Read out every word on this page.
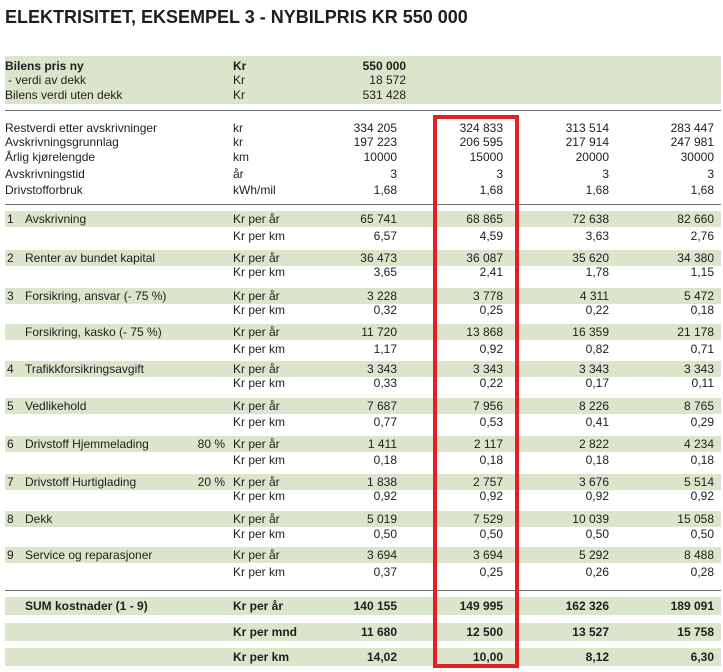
ELEKTRISITET, EKSEMPEL 3 - NYBILPRIS KR 550 000
Bilens pris ny	Kr	550 000
- verdi av dekk	Kr	18 572
Bilens verdi uten dekk	Kr	531 428
Restverdi etter avskrivninger	kr	334 205	324 833	313 514	283 447
Avskrivningsgrunnlag	kr	197 223	206 595	217 914	247 981
Årlig kjørelengde	km	10000	15000	20000	30000
Avskrivningstid	år	3	3	3	3
Drivstofforbruk	kWh/mil	1,68	1,68	1,68	1,68
1 Avskrivning	Kr per år	65 741	68 865	72 638	82 660
Kr per km	6,57	4,59	3,63	2,76
2 Renter av bundet kapital	Kr per år	36 473	36 087	35 620	34 380
Kr per km	3,65	2,41	1,78	1,15
3 Forsikring, ansvar (- 75 %)	Kr per år	3 228	3 778	4 311	5 472
Kr per km	0,32	0,25	0,22	0,18
Forsikring, kasko (- 75 %)	Kr per år	11 720	13 868	16 359	21 178
Kr per km	1,17	0,92	0,82	0,71
4 Trafikkforsikringsavgift	Kr per år	3 343	3 343	3 343	3 343
Kr per km	0,33	0,22	0,17	0,11
5 Vedlikehold	Kr per år	7 687	7 956	8 226	8 765
Kr per km	0,77	0,53	0,41	0,29
6 Drivstoff Hjemmelading	80 % Kr per år	1 411	2 117	2 822	4 234
Kr per km	0,18	0,18	0,18	0,18
7 Drivstoff Hurtiglading	20 % Kr per år	1 838	2 757	3 676	5 514
Kr per km	0,92	0,92	0,92	0,92
8 Dekk	Kr per år	5 019	7 529	10 039	15 058
Kr per km	0,50	0,50	0,50	0,50
9 Service og reparasjoner	Kr per år	3 694	3 694	5 292	8 488
Kr per km	0,37	0,25	0,26	0,28
SUM kostnader (1 - 9)	Kr per år	140 155	149 995	162 326	189 091
Kr per mnd	11 680	12 500	13 527	15 758
Kr per km	14,02	10,00	8,12	6,30
